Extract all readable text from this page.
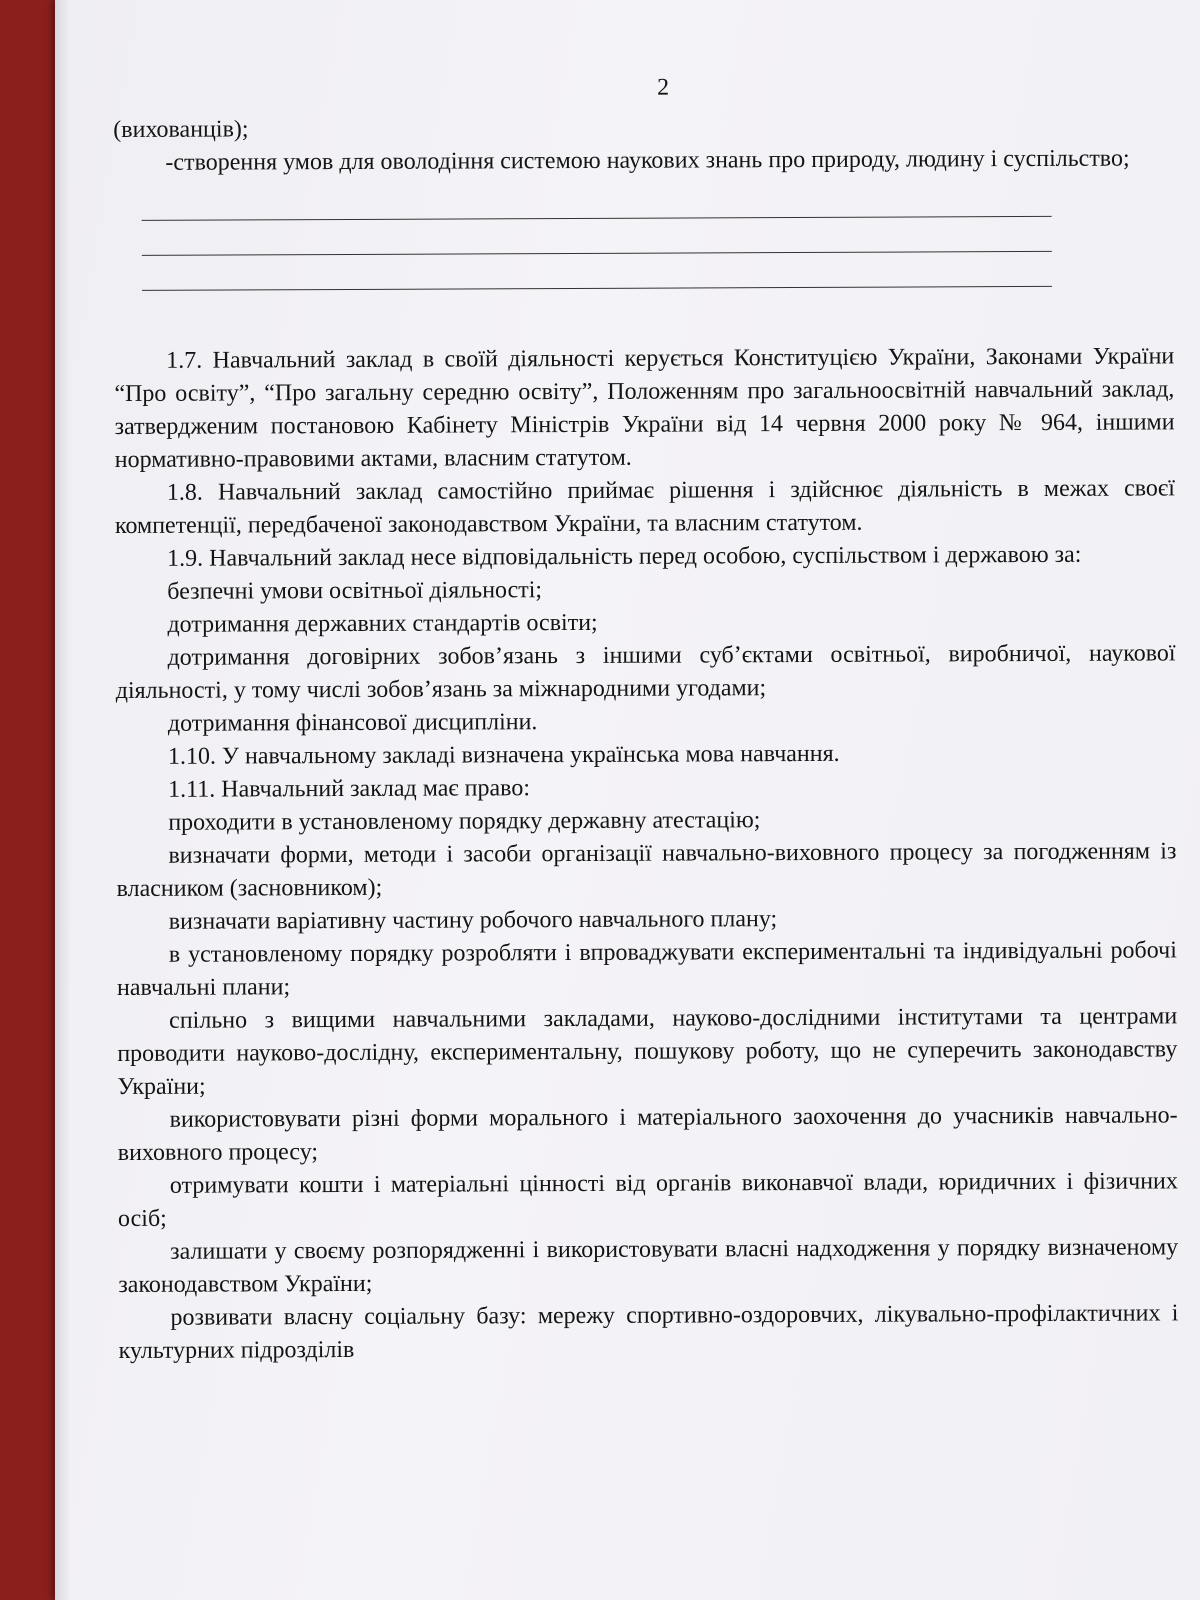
2

(вихованців);

-створення умов для оволодіння системою наукових знань про природу, людину і суспільство;

1.7. Навчальний заклад в своїй діяльності керується Конституцією України, Законами України “Про освіту”, “Про загальну середню освіту”, Положенням про загальноосвітній навчальний заклад, затвердженим постановою Кабінету Міністрів України від 14 червня 2000 року № 964, іншими нормативно-правовими актами, власним статутом.

1.8. Навчальний заклад самостійно приймає рішення і здійснює діяльність в межах своєї компетенції, передбаченої законодавством України, та власним статутом.

1.9. Навчальний заклад несе відповідальність перед особою, суспільством і державою за:

безпечні умови освітньої діяльності;

дотримання державних стандартів освіти;

дотримання договірних зобов’язань з іншими суб’єктами освітньої, виробничої, наукової діяльності, у тому числі зобов’язань за міжнародними угодами;

дотримання фінансової дисципліни.

1.10. У навчальному закладі визначена українська мова навчання.

1.11. Навчальний заклад має право:

проходити в установленому порядку державну атестацію;

визначати форми, методи і засоби організації навчально-виховного процесу за погодженням із власником (засновником);

визначати варіативну частину робочого навчального плану;

в установленому порядку розробляти і впроваджувати експериментальні та індивідуальні робочі навчальні плани;

спільно з вищими навчальними закладами, науково-дослідними інститутами та центрами проводити науково-дослідну, експериментальну, пошукову роботу, що не суперечить законодавству України;

використовувати різні форми морального і матеріального заохочення до учасників навчально-виховного процесу;

отримувати кошти і матеріальні цінності від органів виконавчої влади, юридичних і фізичних осіб;

залишати у своєму розпорядженні і використовувати власні надходження у порядку визначеному законодавством України;

розвивати власну соціальну базу: мережу спортивно-оздоровчих, лікувально-профілактичних і культурних підрозділів
